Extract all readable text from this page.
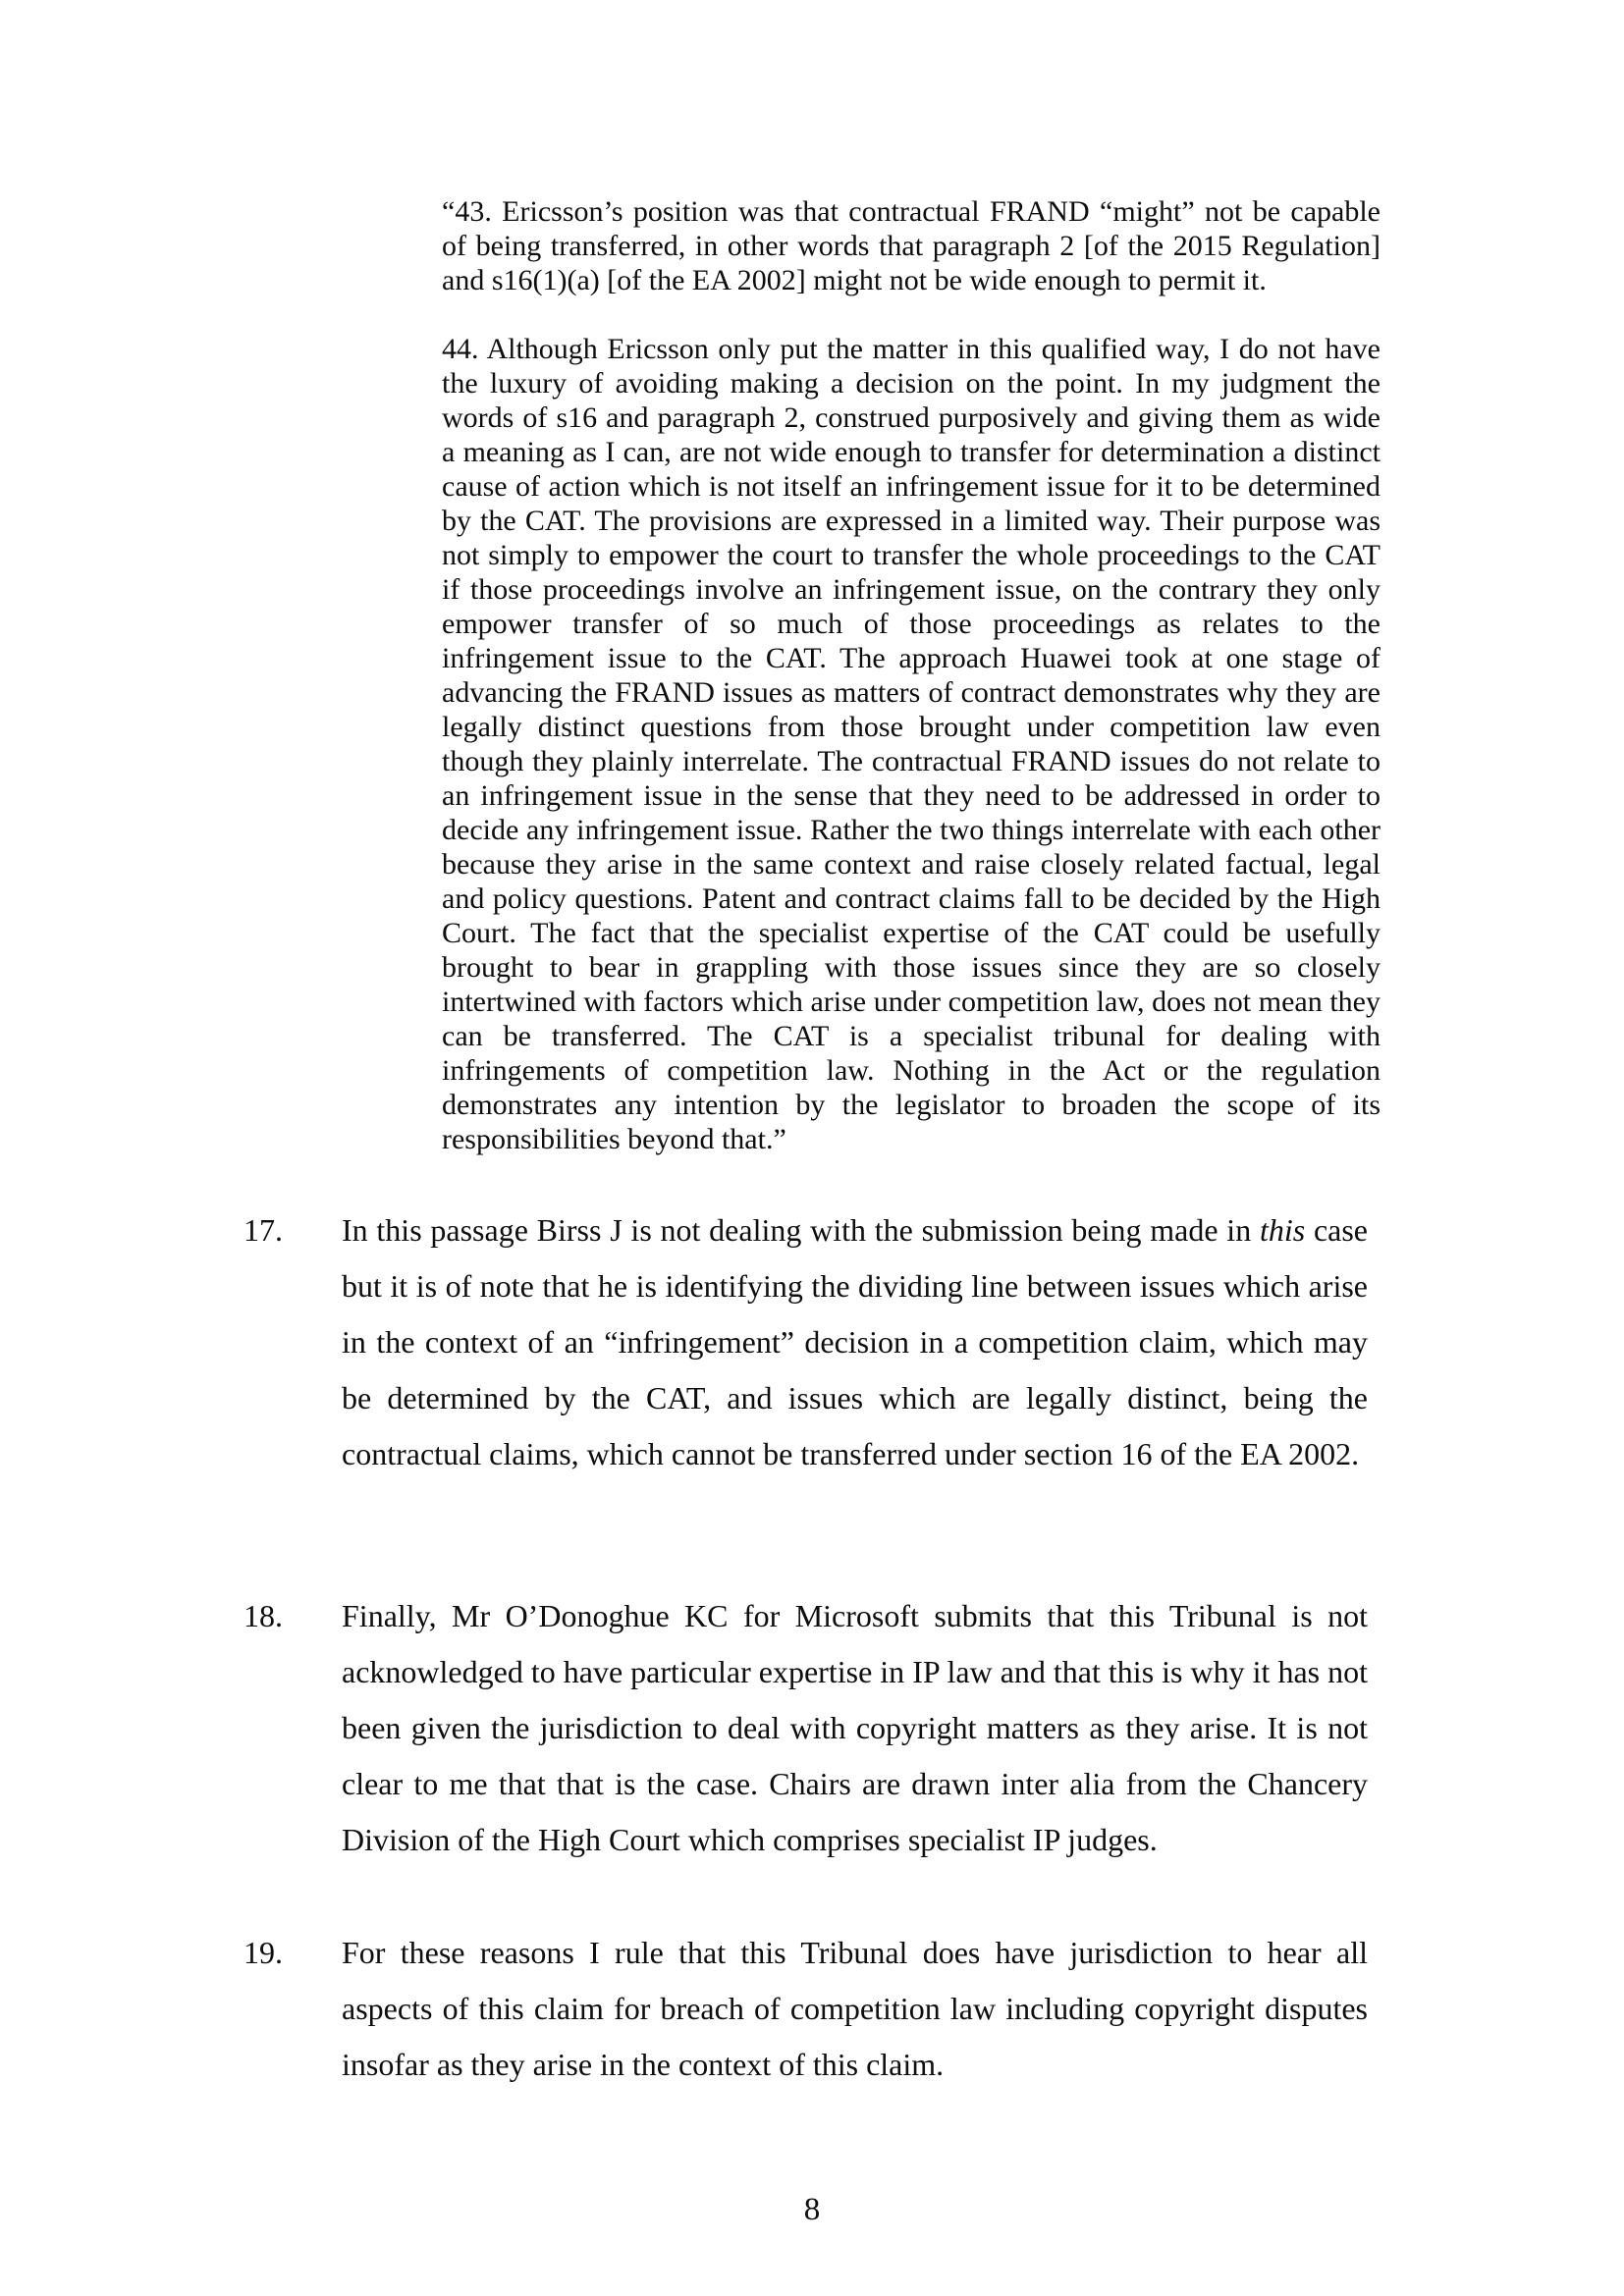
“43. Ericsson’s position was that contractual FRAND “might” not be capable of being transferred, in other words that paragraph 2 [of the 2015 Regulation] and s16(1)(a) [of the EA 2002] might not be wide enough to permit it.

44. Although Ericsson only put the matter in this qualified way, I do not have the luxury of avoiding making a decision on the point. In my judgment the words of s16 and paragraph 2, construed purposively and giving them as wide a meaning as I can, are not wide enough to transfer for determination a distinct cause of action which is not itself an infringement issue for it to be determined by the CAT. The provisions are expressed in a limited way. Their purpose was not simply to empower the court to transfer the whole proceedings to the CAT if those proceedings involve an infringement issue, on the contrary they only empower transfer of so much of those proceedings as relates to the infringement issue to the CAT. The approach Huawei took at one stage of advancing the FRAND issues as matters of contract demonstrates why they are legally distinct questions from those brought under competition law even though they plainly interrelate. The contractual FRAND issues do not relate to an infringement issue in the sense that they need to be addressed in order to decide any infringement issue. Rather the two things interrelate with each other because they arise in the same context and raise closely related factual, legal and policy questions. Patent and contract claims fall to be decided by the High Court. The fact that the specialist expertise of the CAT could be usefully brought to bear in grappling with those issues since they are so closely intertwined with factors which arise under competition law, does not mean they can be transferred. The CAT is a specialist tribunal for dealing with infringements of competition law. Nothing in the Act or the regulation demonstrates any intention by the legislator to broaden the scope of its responsibilities beyond that.”

17. In this passage Birss J is not dealing with the submission being made in this case but it is of note that he is identifying the dividing line between issues which arise in the context of an “infringement” decision in a competition claim, which may be determined by the CAT, and issues which are legally distinct, being the contractual claims, which cannot be transferred under section 16 of the EA 2002.
18. Finally, Mr O’Donoghue KC for Microsoft submits that this Tribunal is not acknowledged to have particular expertise in IP law and that this is why it has not been given the jurisdiction to deal with copyright matters as they arise. It is not clear to me that that is the case. Chairs are drawn inter alia from the Chancery Division of the High Court which comprises specialist IP judges.
19. For these reasons I rule that this Tribunal does have jurisdiction to hear all aspects of this claim for breach of competition law including copyright disputes insofar as they arise in the context of this claim.
8
